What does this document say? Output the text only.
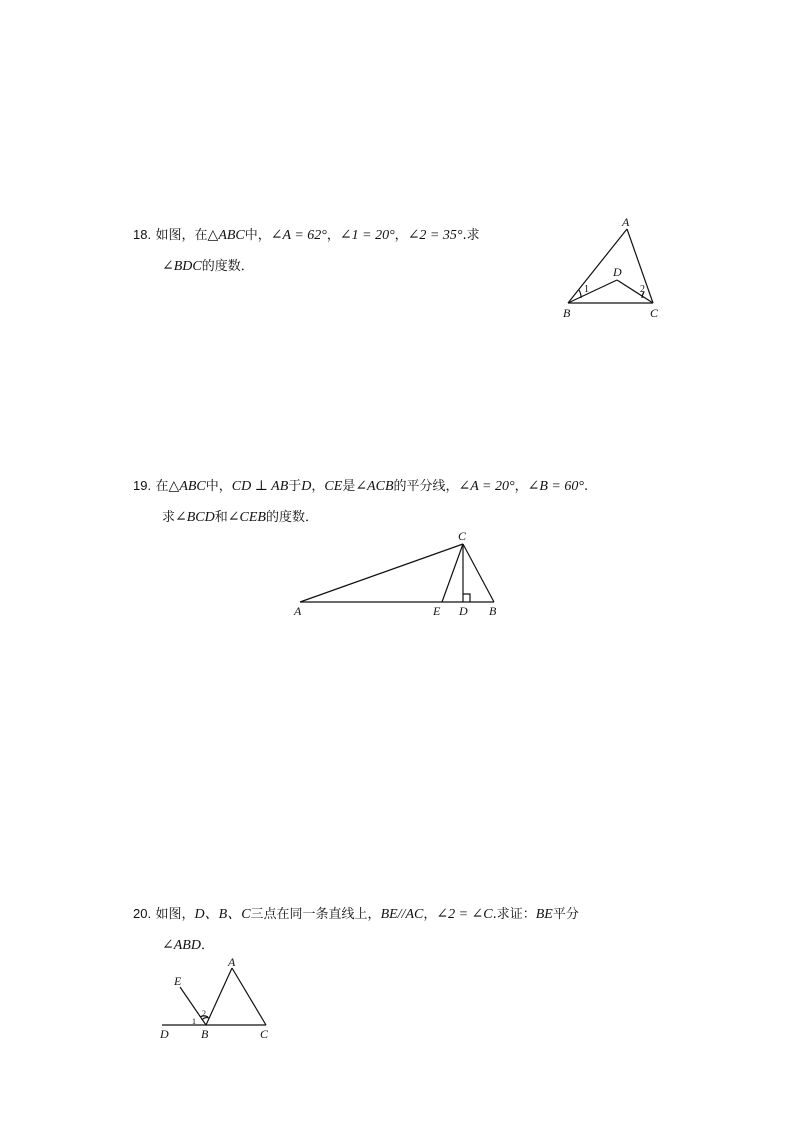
18. 如图，在△ABC中，∠A = 62°，∠1 = 20°，∠2 = 35°.求
∠BDC的度数．
A
B	C
D
1	2
19. 在△ABC中，CD ⊥ AB于D，CE是∠ACB的平分线，∠A = 20°，∠B = 60°.
求∠BCD和∠CEB的度数．
C
A	E D B
20. 如图，D、B、C三点在同一条直线上，BE//AC，∠2 = ∠C.求证：BE平分
∠ABD．
A
E
D	B	C
1
2
